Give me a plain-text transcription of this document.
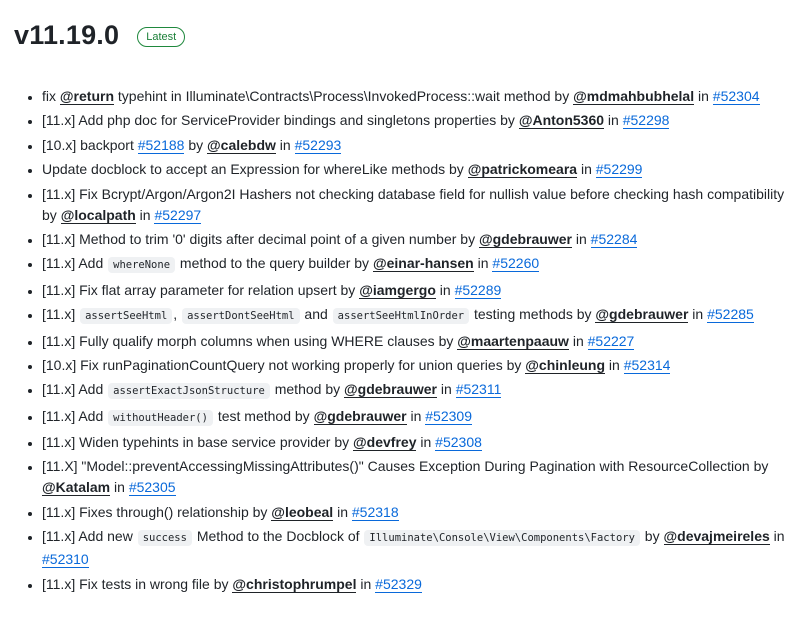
v11.19.0	Latest
• fix @return typehint in Illuminate\Contracts\Process\InvokedProcess::wait method by @mdmahbubhelal in #52304
• [11.x] Add php doc for ServiceProvider bindings and singletons properties by @Anton5360 in #52298
• [10.x] backport #52188 by @calebdw in #52293
• Update docblock to accept an Expression for whereLike methods by @patrickomeara in #52299
• [11.x] Fix Bcrypt/Argon/Argon2I Hashers not checking database field for nullish value before checking hash compatibility by @localpath in #52297
• [11.x] Method to trim '0' digits after decimal point of a given number by @gdebrauwer in #52284
• [11.x] Add whereNone method to the query builder by @einar-hansen in #52260
• [11.x] Fix flat array parameter for relation upsert by @iamgergo in #52289
• [11.x] assertSeeHtml , assertDontSeeHtml and assertSeeHtmlInOrder testing methods by @gdebrauwer in #52285
• [11.x] Fully qualify morph columns when using WHERE clauses by @maartenpaauw in #52227
• [10.x] Fix runPaginationCountQuery not working properly for union queries by @chinleung in #52314
• [11.x] Add assertExactJsonStructure method by @gdebrauwer in #52311
• [11.x] Add withoutHeader() test method by @gdebrauwer in #52309
• [11.x] Widen typehints in base service provider by @devfrey in #52308
• [11.X] "Model::preventAccessingMissingAttributes()" Causes Exception During Pagination with ResourceCollection by @Katalam in #52305
• [11.x] Fixes through() relationship by @leobeal in #52318
• [11.x] Add new success Method to the Docblock of Illuminate\Console\View\Components\Factory by @devajmeireles in #52310
• [11.x] Fix tests in wrong file by @christophrumpel in #52329
